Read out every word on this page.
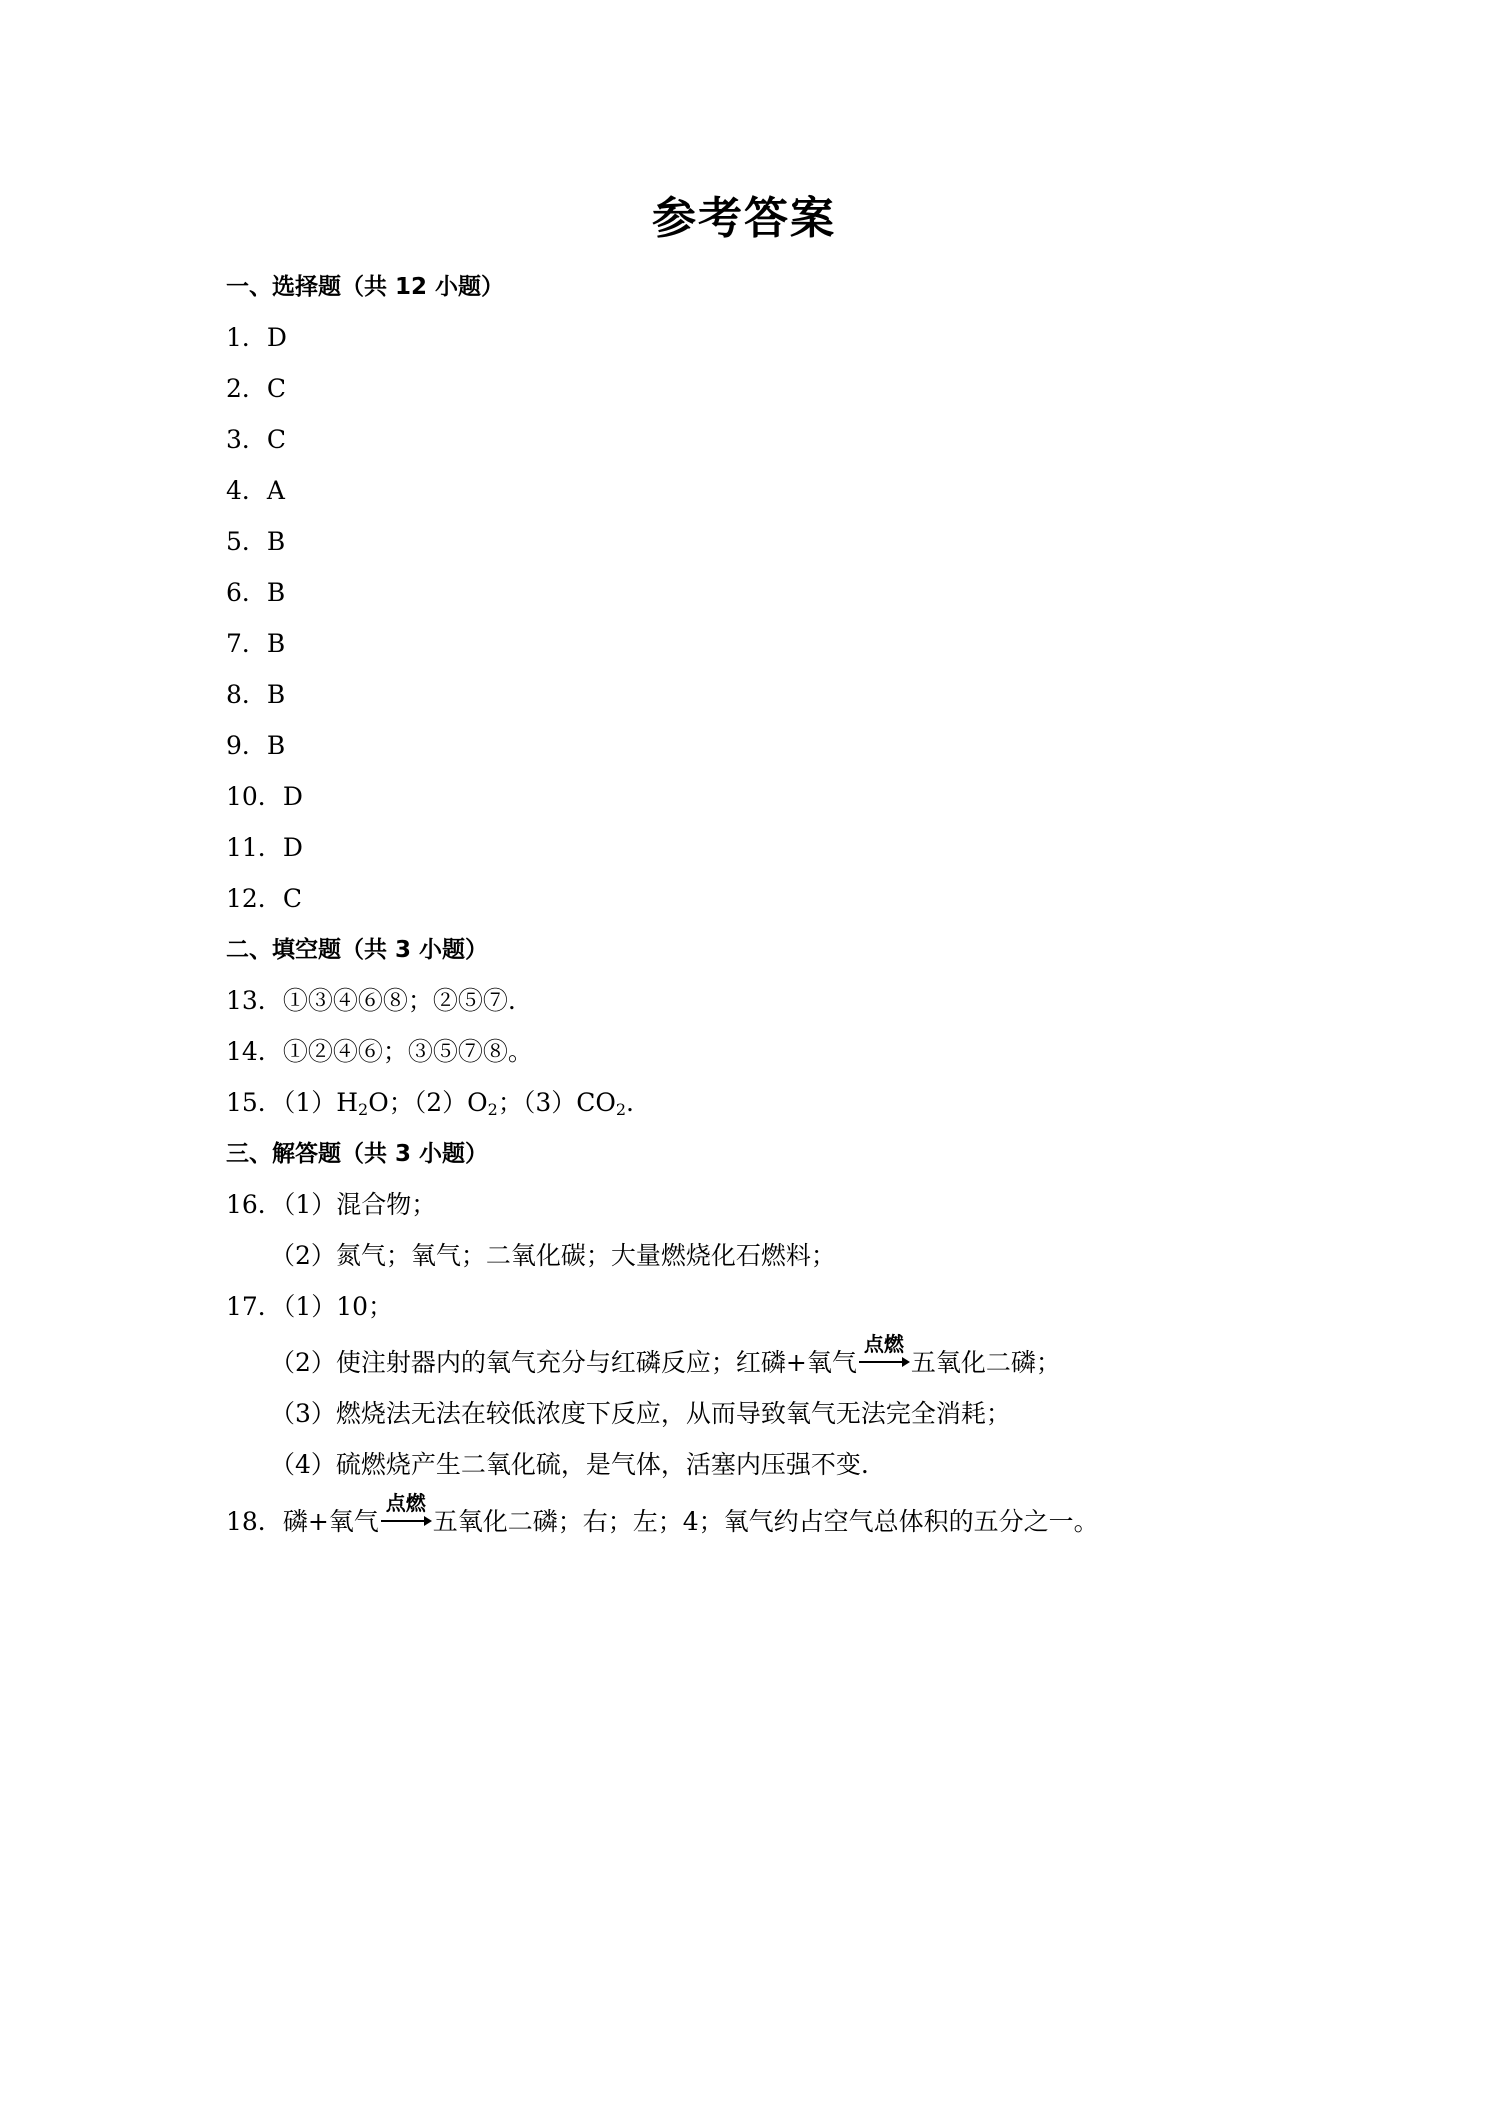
参考答案
一、选择题（共 12 小题）
1．D
2．C
3．C
4．A
5．B
6．B
7．B
8．B
9．B
10．D
11．D
12．C
二、填空题（共 3 小题）
13．①③④⑥⑧；②⑤⑦.
14．①②④⑥；③⑤⑦⑧。
15．$(1)H_2O$；$(2)O_2$；$(3)CO_2$.
三、解答题（共 3 小题）
16．（1）混合物；
（2）氮气；氧气；二氧化碳；大量燃烧化石燃料；
17．（1）10；
（2）使注射器内的氧气充分与红磷反应；红磷+氧气
点燃
五氧化二磷；
（3）燃烧法无法在较低浓度下反应，从而导致氧气无法完全消耗；
（4）硫燃烧产生二氧化硫，是气体，活塞内压强不变.
18．磷+氧气
点燃
五氧化二磷；右；左；4；氧气约占空气总体积的五分之一。
